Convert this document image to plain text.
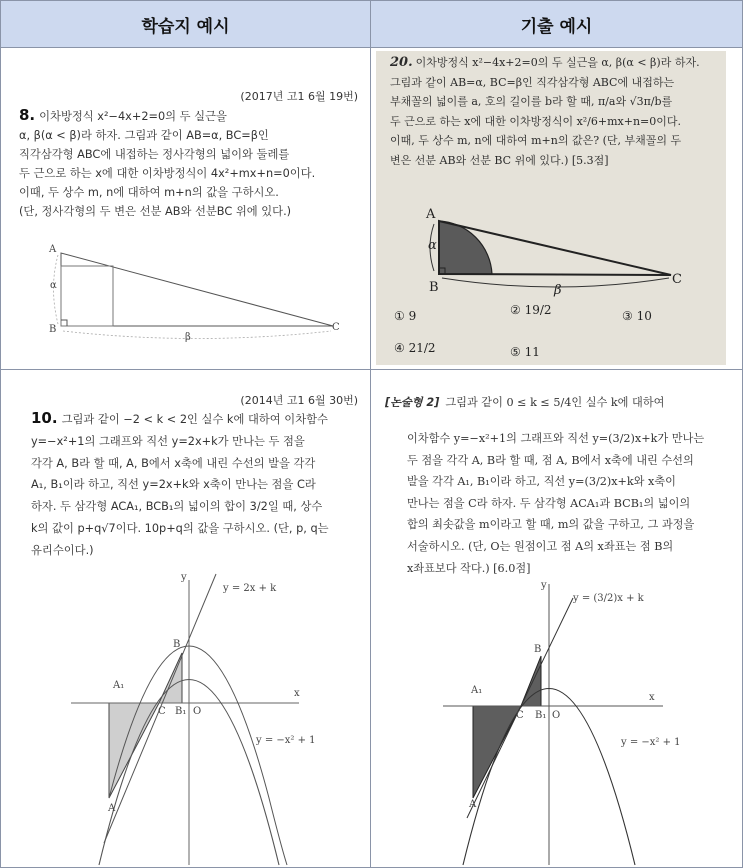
학습지 예시	기출 예시
(2017년 고1 6월 19번)
8. 이차방정식 x²−4x+2=0의 두 실근을
α, β(α < β)라 하자. 그림과 같이 AB=α, BC=β인
직각삼각형 ABC에 내접하는 정사각형의 넓이와 둘레를
두 근으로 하는 x에 대한 이차방정식이 4x²+mx+n=0이다.
이때, 두 상수 m, n에 대하여 m+n의 값을 구하시오.
(단, 정사각형의 두 변은 선분 AB와 선분BC 위에 있다.)
A
α
B
β
C
20. 이차방정식 x²−4x+2=0의 두 실근을 α, β(α < β)라 하자.
그림과 같이 AB=α, BC=β인 직각삼각형 ABC에 내접하는
부채꼴의 넓이를 a, 호의 길이를 b라 할 때, π/a와 √3π/b를
두 근으로 하는 x에 대한 이차방정식이 x²/6+mx+n=0이다.
이때, 두 상수 m, n에 대하여 m+n의 값은? (단, 부채꼴의 두
변은 선분 AB와 선분 BC 위에 있다.) [5.3점]
A
α
B	β
C
① 9	② 19/2	③ 10
④ 21/2	⑤ 11
(2014년 고1 6월 30번)
10. 그림과 같이 −2 < k < 2인 실수 k에 대하여 이차함수
y=−x²+1의 그래프와 직선 y=2x+k가 만나는 두 점을
각각 A, B라 할 때, A, B에서 x축에 내린 수선의 발을 각각
A₁, B₁이라 하고, 직선 y=2x+k와 x축이 만나는 점을 C라
하자. 두 삼각형 ACA₁, BCB₁의 넓이의 합이 3/2일 때, 상수
k의 값이 p+q√7이다. 10p+q의 값을 구하시오. (단, p, q는
유리수이다.)
y
x
y = 2x + k
y = −x² + 1
A₁
B
C B₁ O
A
[논술형 2] 그림과 같이 0 ≤ k ≤ 5/4인 실수 k에 대하여
이차함수 y=−x²+1의 그래프와 직선 y=(3/2)x+k가 만나는
두 점을 각각 A, B라 할 때, 점 A, B에서 x축에 내린 수선의
발을 각각 A₁, B₁이라 하고, 직선 y=(3/2)x+k와 x축이
만나는 점을 C라 하자. 두 삼각형 ACA₁과 BCB₁의 넓이의
합의 최솟값을 m이라고 할 때, m의 값을 구하고, 그 과정을
서술하시오. (단, O는 원점이고 점 A의 x좌표는 점 B의
x좌표보다 작다.) [6.0점]
y
x
y = (3/2)x + k
y = −x² + 1
A₁
B
C B₁ O
A
